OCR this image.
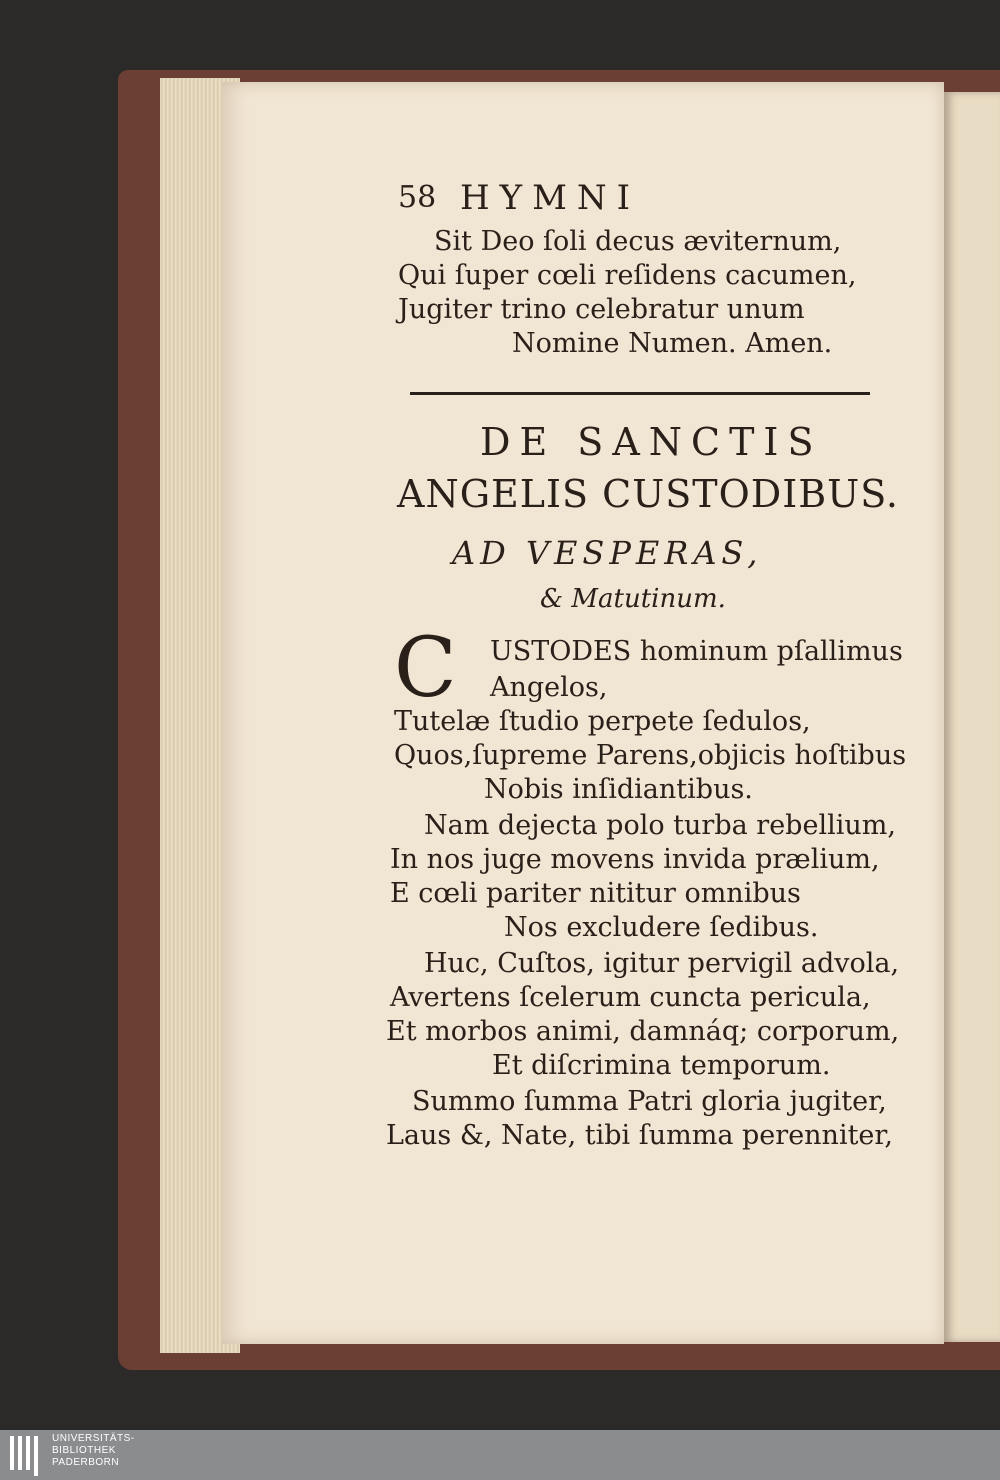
58 HYMNI
Sit Deo ſoli decus æviternum,
Qui ſuper cœli reſidens cacumen,
Jugiter trino celebratur unum
Nomine Numen. Amen.
DE SANCTIS
ANGELIS CUSTODIBUS.
AD VESPERAS,
& Matutinum.
C USTODES hominum pſallimus
Angelos,
Tutelæ ſtudio perpete ſedulos,
Quos,ſupreme Parens,objicis hoſtibus
Nobis inſidiantibus.
Nam dejecta polo turba rebellium,
In nos juge movens invida prælium,
E cœli pariter nititur omnibus
Nos excludere ſedibus.
Huc, Cuſtos, igitur pervigil advola,
Avertens ſcelerum cuncta pericula,
Et morbos animi, damnáq; corporum,
Et diſcrimina temporum.
Summo ſumma Patri gloria jugiter,
Laus &, Nate, tibi ſumma perenniter,
UNIVERSITÄTS-
BIBLIOTHEK
PADERBORN
